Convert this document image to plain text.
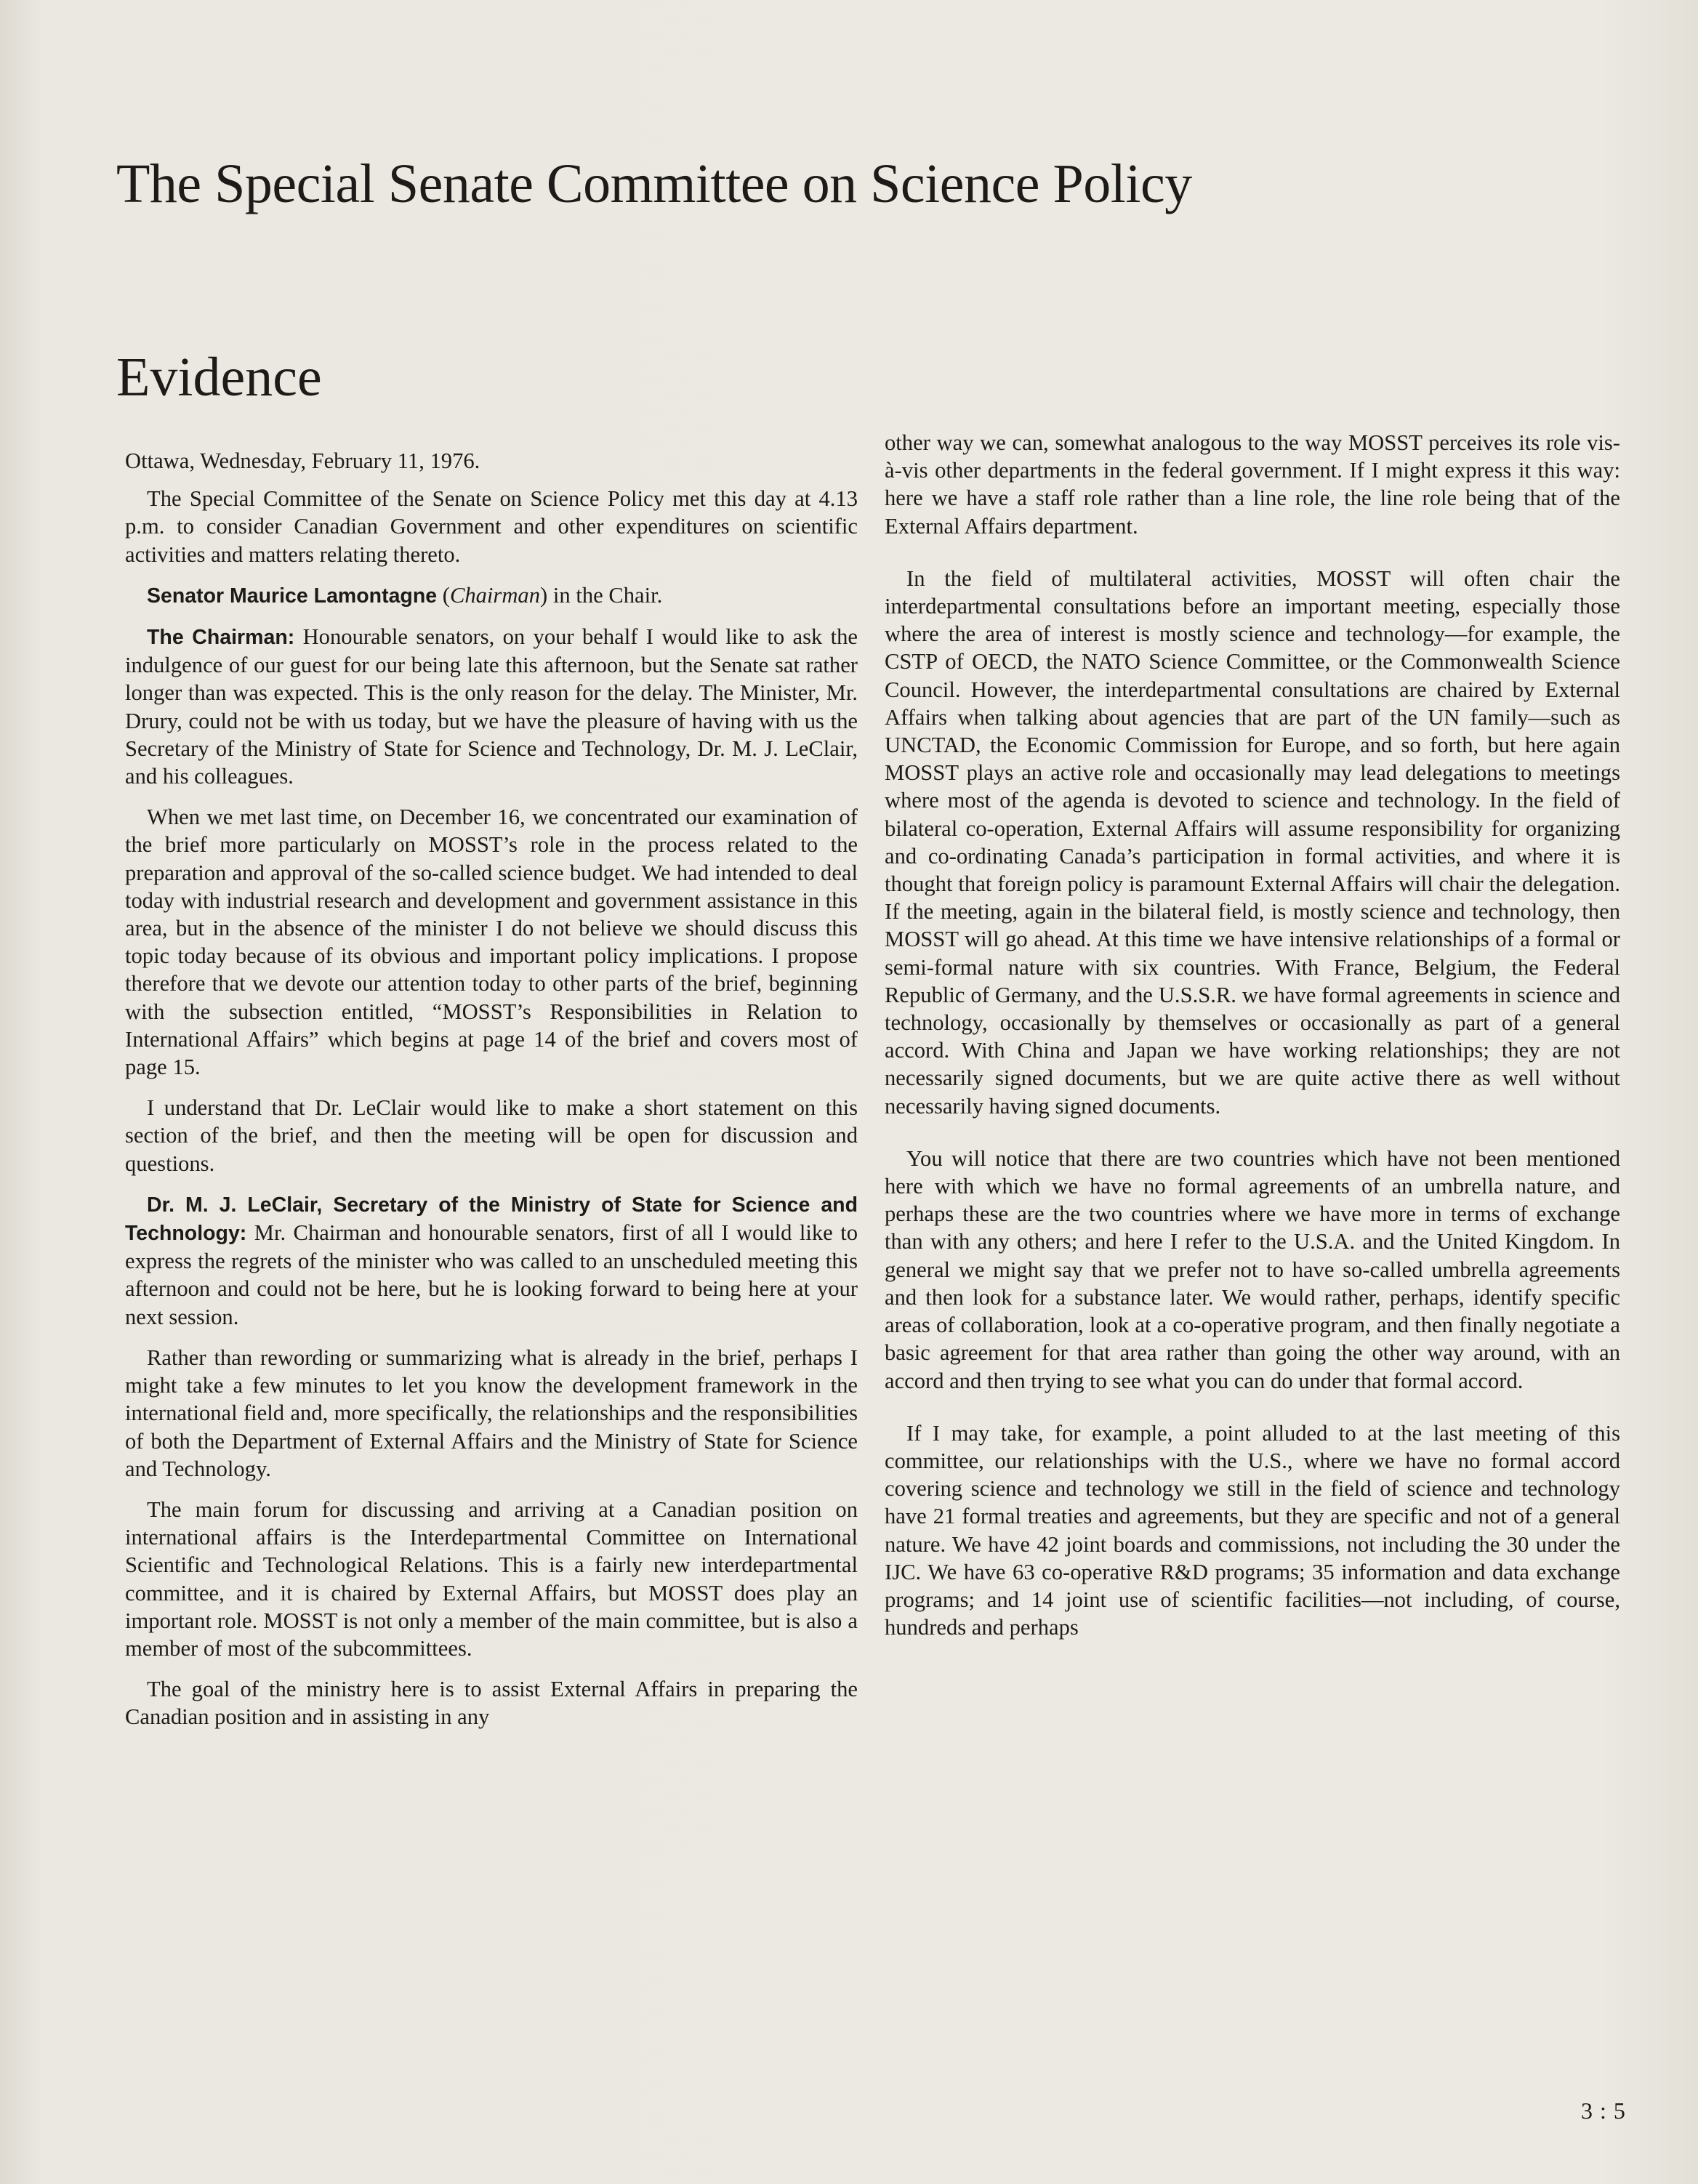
The Special Senate Committee on Science Policy
Evidence

Ottawa, Wednesday, February 11, 1976.

The Special Committee of the Senate on Science Policy met this day at 4.13 p.m. to consider Canadian Government and other expenditures on scientific activities and matters relating thereto.

Senator Maurice Lamontagne (Chairman) in the Chair.

The Chairman: Honourable senators, on your behalf I would like to ask the indulgence of our guest for our being late this afternoon, but the Senate sat rather longer than was expected. This is the only reason for the delay. The Minister, Mr. Drury, could not be with us today, but we have the pleasure of having with us the Secretary of the Ministry of State for Science and Technology, Dr. M. J. LeClair, and his colleagues.

When we met last time, on December 16, we concentrated our examination of the brief more particularly on MOSST’s role in the process related to the preparation and approval of the so-called science budget. We had intended to deal today with industrial research and development and government assistance in this area, but in the absence of the minister I do not believe we should discuss this topic today because of its obvious and important policy implications. I propose therefore that we devote our attention today to other parts of the brief, beginning with the subsection entitled, “MOSST’s Responsibilities in Relation to International Affairs” which begins at page 14 of the brief and covers most of page 15.

I understand that Dr. LeClair would like to make a short statement on this section of the brief, and then the meeting will be open for discussion and questions.

Dr. M. J. LeClair, Secretary of the Ministry of State for Science and Technology: Mr. Chairman and honourable senators, first of all I would like to express the regrets of the minister who was called to an unscheduled meeting this afternoon and could not be here, but he is looking forward to being here at your next session.

Rather than rewording or summarizing what is already in the brief, perhaps I might take a few minutes to let you know the development framework in the international field and, more specifically, the relationships and the responsibilities of both the Department of External Affairs and the Ministry of State for Science and Technology.

The main forum for discussing and arriving at a Canadian position on international affairs is the Interdepartmental Committee on International Scientific and Technological Relations. This is a fairly new interdepartmental committee, and it is chaired by External Affairs, but MOSST does play an important role. MOSST is not only a member of the main committee, but is also a member of most of the subcommittees.

The goal of the ministry here is to assist External Affairs in preparing the Canadian position and in assisting in any

other way we can, somewhat analogous to the way MOSST perceives its role vis-à-vis other departments in the federal government. If I might express it this way: here we have a staff role rather than a line role, the line role being that of the External Affairs department.

In the field of multilateral activities, MOSST will often chair the interdepartmental consultations before an important meeting, especially those where the area of interest is mostly science and technology—for example, the CSTP of OECD, the NATO Science Committee, or the Commonwealth Science Council. However, the interdepartmental consultations are chaired by External Affairs when talking about agencies that are part of the UN family—such as UNCTAD, the Economic Commission for Europe, and so forth, but here again MOSST plays an active role and occasionally may lead delegations to meetings where most of the agenda is devoted to science and technology. In the field of bilateral co-operation, External Affairs will assume responsibility for organizing and co-ordinating Canada’s participation in formal activities, and where it is thought that foreign policy is paramount External Affairs will chair the delegation. If the meeting, again in the bilateral field, is mostly science and technology, then MOSST will go ahead. At this time we have intensive relationships of a formal or semi-formal nature with six countries. With France, Belgium, the Federal Republic of Germany, and the U.S.S.R. we have formal agreements in science and technology, occasionally by themselves or occasionally as part of a general accord. With China and Japan we have working relationships; they are not necessarily signed documents, but we are quite active there as well without necessarily having signed documents.

You will notice that there are two countries which have not been mentioned here with which we have no formal agreements of an umbrella nature, and perhaps these are the two countries where we have more in terms of exchange than with any others; and here I refer to the U.S.A. and the United Kingdom. In general we might say that we prefer not to have so-called umbrella agreements and then look for a substance later. We would rather, perhaps, identify specific areas of collaboration, look at a co-operative program, and then finally negotiate a basic agreement for that area rather than going the other way around, with an accord and then trying to see what you can do under that formal accord.

If I may take, for example, a point alluded to at the last meeting of this committee, our relationships with the U.S., where we have no formal accord covering science and technology we still in the field of science and technology have 21 formal treaties and agreements, but they are specific and not of a general nature. We have 42 joint boards and commissions, not including the 30 under the IJC. We have 63 co-operative R&D programs; 35 information and data exchange programs; and 14 joint use of scientific facilities—not including, of course, hundreds and perhaps

3 : 5
